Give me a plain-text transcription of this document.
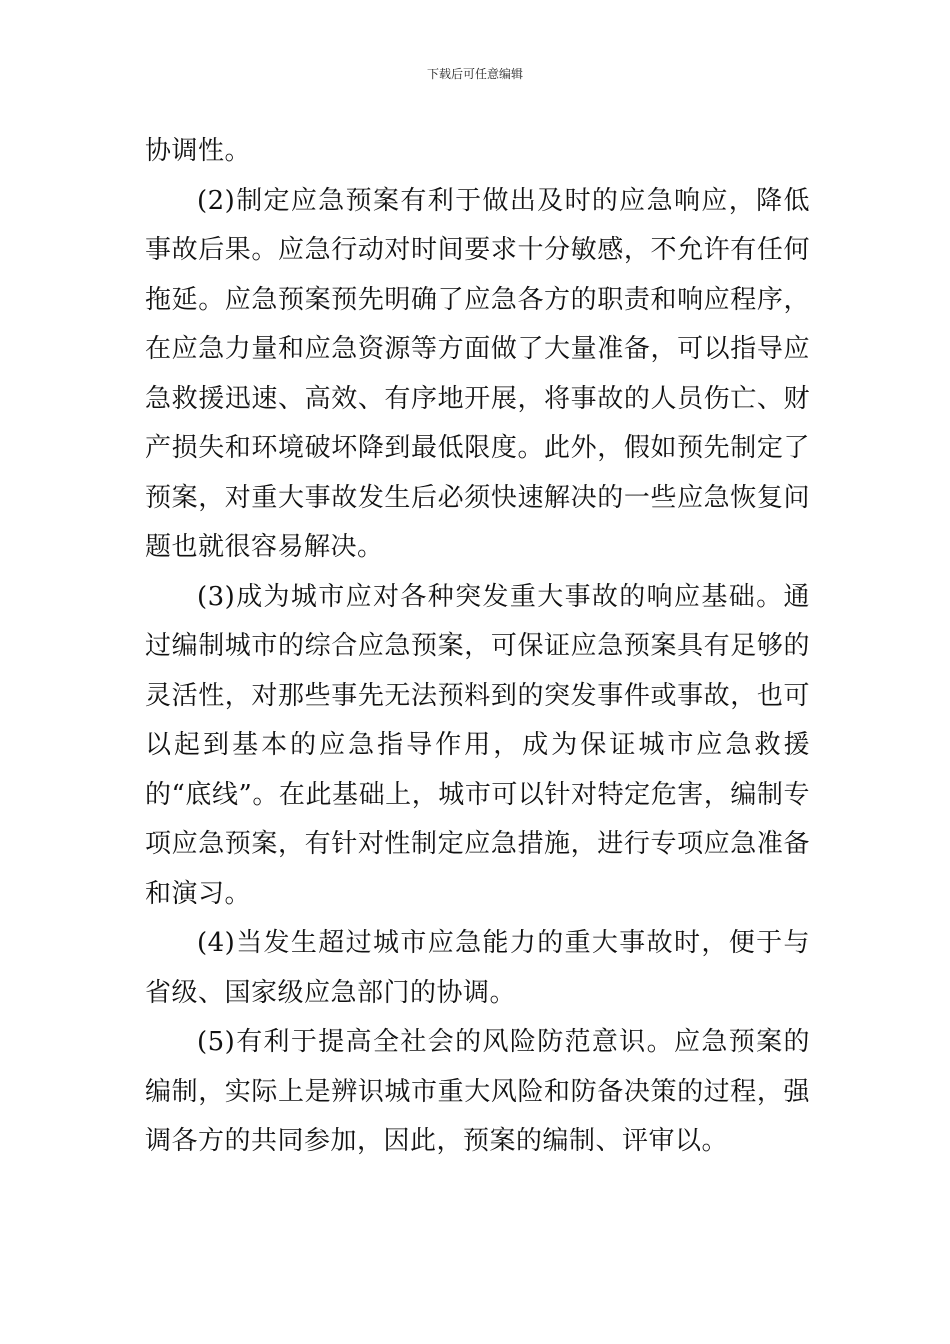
下载后可任意编辑

协调性。

(2)制定应急预案有利于做出及时的应急响应，降低事故后果。应急行动对时间要求十分敏感，不允许有任何拖延。应急预案预先明确了应急各方的职责和响应程序，在应急力量和应急资源等方面做了大量准备，可以指导应急救援迅速、高效、有序地开展，将事故的人员伤亡、财产损失和环境破坏降到最低限度。此外，假如预先制定了预案，对重大事故发生后必须快速解决的一些应急恢复问题也就很容易解决。

(3)成为城市应对各种突发重大事故的响应基础。通过编制城市的综合应急预案，可保证应急预案具有足够的灵活性，对那些事先无法预料到的突发事件或事故，也可以起到基本的应急指导作用，成为保证城市应急救援的“底线”。在此基础上，城市可以针对特定危害，编制专项应急预案，有针对性制定应急措施，进行专项应急准备和演习。

(4)当发生超过城市应急能力的重大事故时，便于与省级、国家级应急部门的协调。

(5)有利于提高全社会的风险防范意识。应急预案的编制，实际上是辨识城市重大风险和防备决策的过程，强调各方的共同参加，因此，预案的编制、评审以。
